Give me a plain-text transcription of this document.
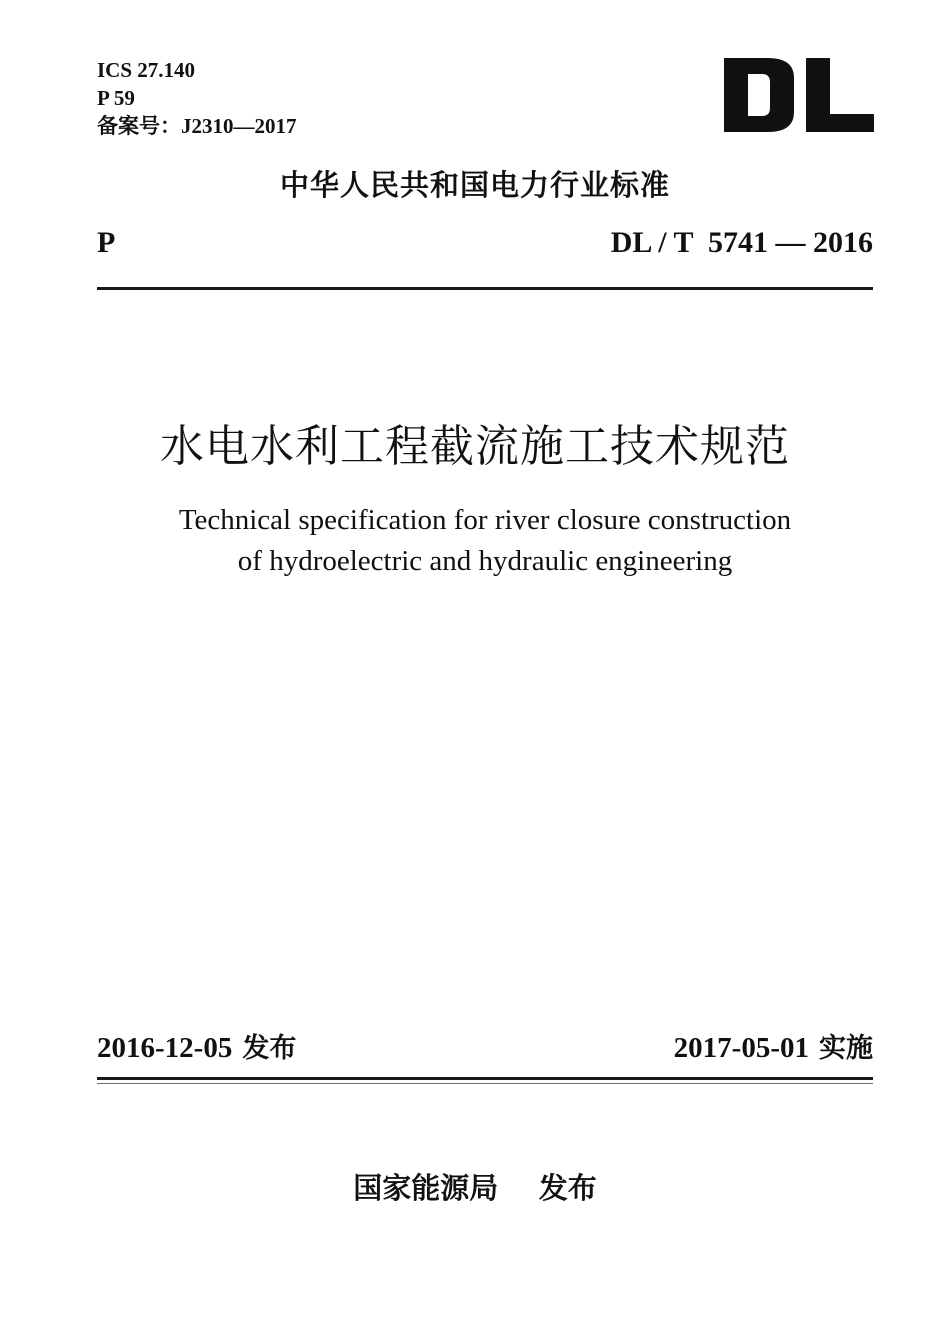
ICS 27.140
P 59
备案号：J2310—2017
中华人民共和国电力行业标准
P	DL / T  5741 — 2016
水电水利工程截流施工技术规范
Technical specification for river closure construction
of hydroelectric and hydraulic engineering
2016-12-05 发布	2017-05-01 实施
国家能源局 发布
